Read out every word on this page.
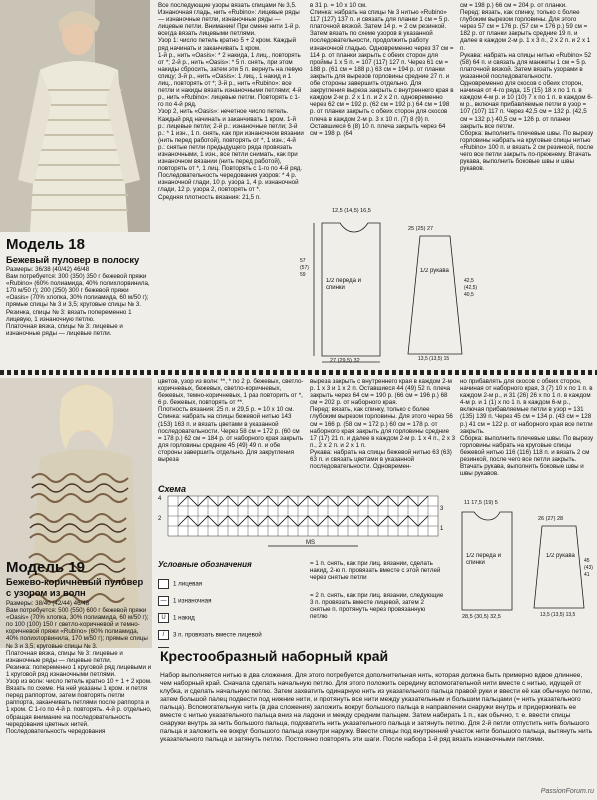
Модель 18
Бежевый пуловер в полоску
Размеры: 36/38 (40/42) 46/48
Вам потребуется: 300 (350) 350 г бежевой пряжи «Rubino» (60% полиамида, 40% полихлорвинила, 170 м/50 г); 200 (250) 300 г бежевой пряжи «Oasis» (70% хлопка, 30% полиамида, 60 м/50 г); прямые спицы № 3 и 3,5; круговые спицы № 3.
Резинка, спицы № 3: вязать попеременно 1 лицевую, 1 изнаночную петлю.
Платочная вязка, спицы № 3: лицевые и изнаночные ряды — лицевые петли.
Все последующие узоры вязать спицами № 3,5.
Изнаночная гладь, нить «Rubino»: лицевые ряды — изнаночные петли, изнаночные ряды — лицевые петли. Внимание! При смене нити 1-й р. всегда вязать лицевыми петлями.
Узор 1: число петель кратно 5 + 2 кром. Каждый ряд начинать и заканчивать 1 кром.
1-й р., нить «Oasis»: * 2 накида, 1 лиц., повторять от *; 2-й р., нить «Oasis»: * 5 п. снять, при этом накиды сбросить, затем эти 5 п. вернуть на левую спицу; 3-й р., нить «Oasis»: 1 лиц., 1 накид и 1 лиц., повторять от *; 3-й р., нить «Rubino»: все петли и накиды вязать изнаночными петлями; 4-й р., нить «Rubino»: лицевые петли. Повторять с 1-го по 4-й ряд.
Узор 2, нить «Oasis»: нечетное число петель. Каждый ряд начинать и заканчивать 1 кром. 1-й р.: лицевые петли; 2-й р.: изнаночные петли; 3-й р.: * 1 изн., 1 п. снять, как при изнаночном вязании (нить перед работой), повторять от *, 1 изн.; 4-й р.: снятые петли предыдущего ряда провязать изнаночными, 1 изн., все петли снимать, как при изнаночном вязании (нить перед работой), повторять от *, 1 лиц. Повторять с 1-го по 4-й ряд.
Последовательность чередования узоров: * 4 р. изнаночной глади, 10 р. узора 1, 4 р. изнаночной глади, 12 р. узора 2, повторять от *.
Средняя плотность вязания: 21,5 п.
в 31 р. = 10 х 10 см.
Спинка: набрать на спицы № 3 нитью «Rubino» 117 (127) 137 п. и связать для планки 1 см = 5 р. платочной вязкой. Затем 14 р. = 2 см резинкой. Затем вязать по схеме узоров в указанной последовательности, продолжить работу изнаночной гладью. Одновременно через 37 см = 114 р. от планки закрыть с обеих сторон для проймы 1 х 5 п. = 107 (117) 127 п. Через 61 см = 188 р. (61 см = 188 р.) 63 см = 194 р. от планки закрыть для вырезов горловины средние 27 п. и обе стороны завершить отдельно. Для закругления выреза закрыть с внутреннего края в каждом 2-м р. 2 х 1 п. и 2 х 2 п. одновременно через 62 см = 192 р. (62 см = 192 р.) 64 см = 198 р. от планки закрыть с обеих сторон для скосов плеча в каждом 2-м р. 3 х 10 п. (7) 8 (9) п. Оставшиеся 6 (8) 10 п. плеча закрыть через 64 см = 198 р. (64
см = 198 р.) 66 см = 204 р. от планки.
Перед: вязать, как спинку, только с более глубоким вырезом горловины. Для этого через 57 см = 176 р. (57 см = 176 р.) 59 см = 182 р. от планки закрыть средние 19 п. и далее в каждом 2-м р. 1 х 3 п., 2 х 2 п. и 2 х 1 п.
Рукава: набрать на спицы нитью «Rubino» 52 (58) 64 п. и связать для манжеты 1 см = 5 р. платочной вязкой. Затем вязать узорами в указанной последовательности. Одновременно для скосов с обеих сторон, начиная от 4-го ряда, 15 (15) 18 х по 1 п. в каждом 4-м р. и 10 (10) 7 х по 1 п. в каждом 6-м р., включая прибавляемые петли в узор = 107 (107) 117 п. Через 42,5 см = 132 р. (42,5 см = 132 р.) 40,5 см = 126 р. от планки закрыть все петли.
Сборка: выполнить плечевые швы. По вырезу горловины набрать на круговые спицы нитью «Rubino» 100 п. и вязать 2 см резинкой, после чего все петли закрыть по-прежнему. Втачать рукава, выполнить боковые швы и швы рукавов.
1/2 переда и спинки
1/2 рукава
12,5 (14,5) 16,5
57 (57) 59
27 (29,5) 32
25 (25) 27
42,5 (42,5) 40,5
13,5 (13,5) 15
Модель 19
Бежево-коричневый пуловер с узором из волн
Размеры: 38/40 (42/44) 46/48
Вам потребуется: 500 (550) 600 г бежевой пряжи «Oasis» (70% хлопка, 30% полиамида, 60 м/50 г); по 100 (100) 150 г светло-коричневой и темно-коричневой пряжи «Rubino» (60% полиамида, 40% полихлорвинила, 170 м/50 г); прямые спицы № 3 и 3,5; круговые спицы № 3.
Платочная вязка, спицы № 3: лицевые и изнаночные ряды — лицевые петли.
Резинка: попеременно 1 круговой ряд лицевыми и 1 круговой ряд изнаночными петлями.
Узор из волн: число петель кратно 10 + 1 + 2 кром. Вязать по схеме. На ней указаны 1 кром. и петля перед раппортом, затем повторять петли раппорта, заканчивать петлями после раппорта и 1 кром. С 1-го по 4-й р. повторять. 4-й р. отдельно, обращая внимание на последовательность чередования цветных нитей.
Последовательность чередования
цветов, узор из волн: **, * по 2 р. бежевых, светло-коричневых, бежевых, светло-коричневых, бежевых, темно-коричневых, 1 раз повторить от *, 6 р. бежевых, повторять от **.
Плотность вязания: 25 п. и 29,5 р. = 10 х 10 см.
Спинка: набрать на спицы бежевой нитью 143 (153) 163 п. и вязать цветами в указанной последовательности. Через 58 см = 172 р. (60 см = 178 р.) 62 см = 184 р. от наборного края закрыть для горловины средние 45 (49) 49 п. и обе стороны завершить отдельно. Для закругления выреза
выреза закрыть с внутреннего края в каждом 2-м р. 1 х 3 и 1 х 2 п. Оставшиеся 44 (49) 52 п. плеча закрыть через 64 см = 190 р. (66 см = 196 р.) 68 см = 202 р. от наборного края.
Перед: вязать, как спинку, только с более глубоким вырезом горловины. Для этого через 56 см = 166 р. (58 см = 172 р.) 60 см = 178 р. от наборного края закрыть для горловины средние 17 (17) 21 п. и далее в каждом 2-м р. 1 х 4 п., 2 х 3 п., 2 х 2 п. и 2 х 1 п.
Рукава: набрать на спицы бежевой нитью 63 (63) 63 п. и связать цветами в указанной последовательности. Одновремен-
но прибавлять для скосов с обеих сторон, начиная от наборного края, 3 (7) 10 х по 1 п. в каждом 2-м р., и 31 (26) 26 х по 1 п. в каждом 4-м р. и 1 (1) х по 1 п. в каждом 6-м р., включая прибавляемые петли в узор = 131 (135) 139 п. Через 45 см = 134 р. (43 см = 128 р.) 41 см = 122 р. от наборного края все петли закрыть.
Сборка: выполнить плечевые швы. По вырезу горловины набрать на круговые спицы бежевой нитью 116 (116) 118 п. и вязать 2 см резинкой, после чего все петли закрыть. Втачать рукава, выполнить боковые швы и швы рукавов.
Схема
4
3
2
1
MS
Условные обозначения

1 лицевая

— 1 изнаночная

U 1 накид

/ 3 п. провязать вместе лицевой

= 1 п. снять, как при лиц. вязании, сделать накид, 2-ю п. провязать вместе с этой петлей через снятые петли
= 2 п. снять, как при лиц. вязании, следующие 3 п. провязать вместе лицевой, затем 2 снятые п. протянуть через провязанную петлю
1/2 переда и спинки
1/2 рукава
11 17,5 (19) 5
28,5 (30,5) 32,5
26 (27) 28
45 (43) 41
13,5 (13,5) 13,5
Крестообразный наборный край
Набор выполняется нитью в два сложения. Для этого потребуется дополнительная нить, которая должна быть примерно вдвое длиннее, чем наборный край. Сначала сделать начальную петлю. Для этого положить середину вспомогательной нити вместе с нитью, идущей от клубка, и сделать начальную петлю. Затем захватить одинарную нить из указательного пальца правой руки и ввести её как обычную петлю, затем большой палец подвести под нижние нити, и протянуть все нити между указательным и большим пальцами (= нить указательного пальца). Вспомогательную нить (в два сложения) заложить вокруг большого пальца в направлении снаружи внутрь и придерживать ее вместе с нитью указательного пальца вниз на ладони и между средним пальцем. Затем набирать 1 п., как обычно, т. е. ввести спицы снаружи внутрь за нить большого пальца, подхватить нить указательного пальца и затянуть петлю. Для 2-й петли отпустить нить большого пальца и заложить ее вокруг большого пальца изнутри наружу. Ввести спицы под внутренний участок нити большого пальца, вытянуть нить указательного пальца и затянуть петлю. Постоянно повторять эти шаги. После набора 1-й ряд вязать изнаночными петлями.
PassionForum.ru
